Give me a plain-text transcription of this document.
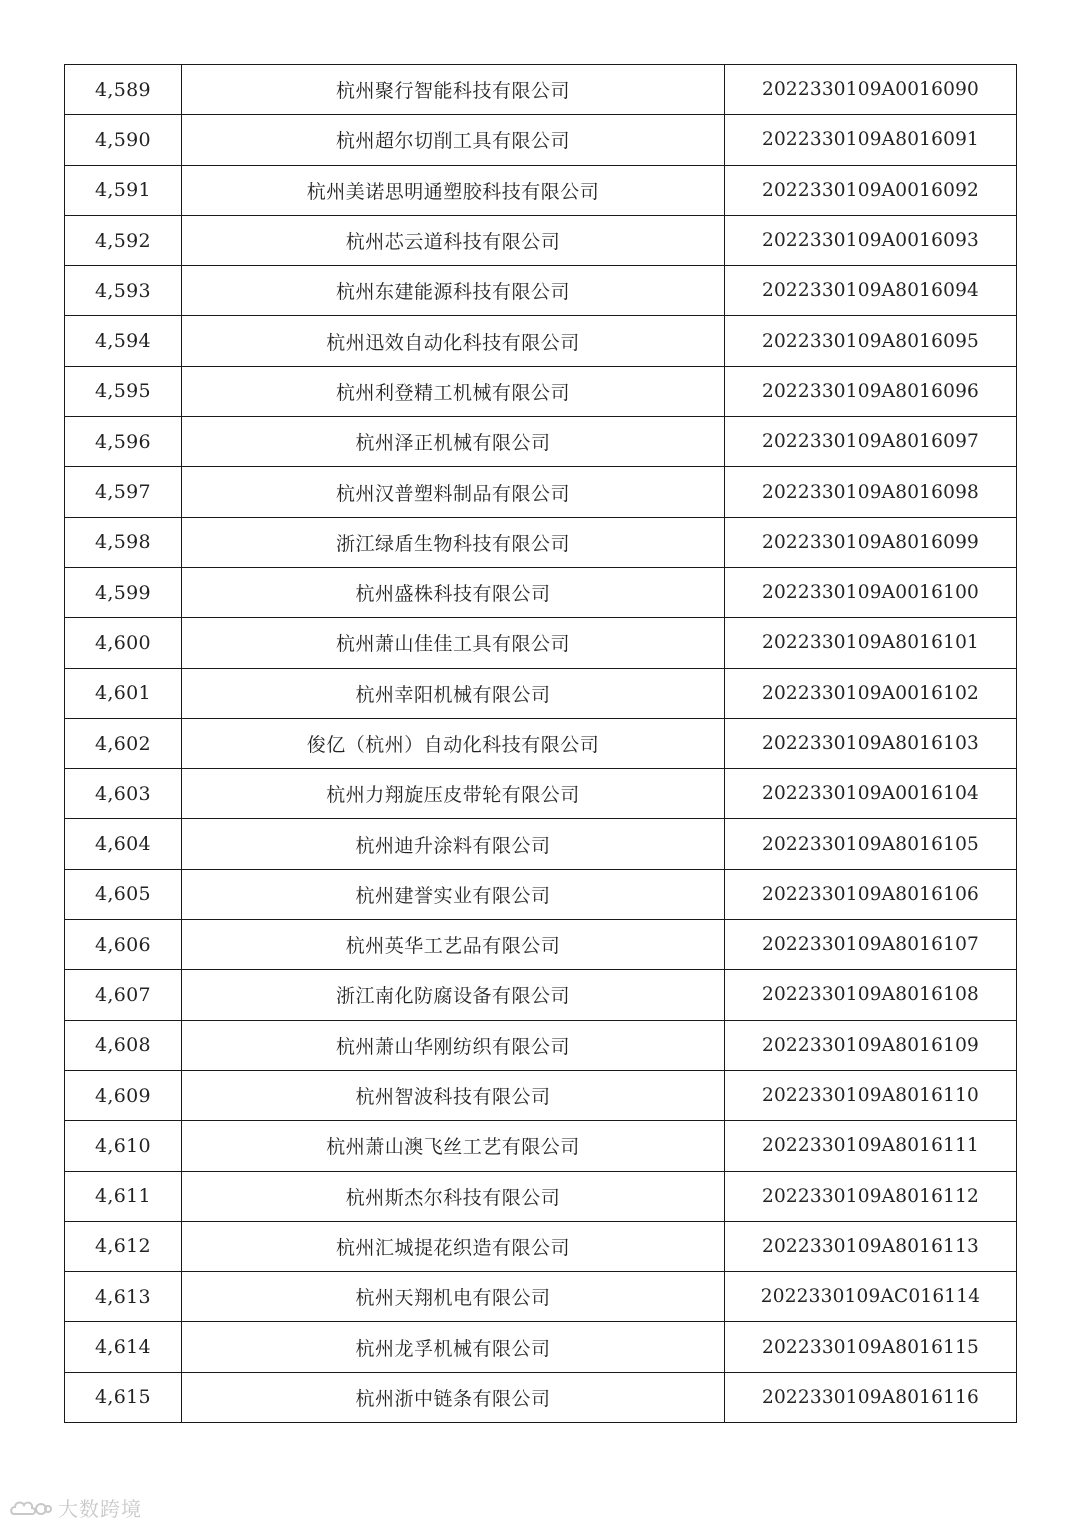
4,589	杭州聚行智能科技有限公司	2022330109A0016090
4,590	杭州超尔切削工具有限公司	2022330109A8016091
4,591	杭州美诺思明通塑胶科技有限公司	2022330109A0016092
4,592	杭州芯云道科技有限公司	2022330109A0016093
4,593	杭州东建能源科技有限公司	2022330109A8016094
4,594	杭州迅效自动化科技有限公司	2022330109A8016095
4,595	杭州利登精工机械有限公司	2022330109A8016096
4,596	杭州泽正机械有限公司	2022330109A8016097
4,597	杭州汉普塑料制品有限公司	2022330109A8016098
4,598	浙江绿盾生物科技有限公司	2022330109A8016099
4,599	杭州盛株科技有限公司	2022330109A0016100
4,600	杭州萧山佳佳工具有限公司	2022330109A8016101
4,601	杭州幸阳机械有限公司	2022330109A0016102
4,602	俊亿（杭州）自动化科技有限公司	2022330109A8016103
4,603	杭州力翔旋压皮带轮有限公司	2022330109A0016104
4,604	杭州迪升涂料有限公司	2022330109A8016105
4,605	杭州建誉实业有限公司	2022330109A8016106
4,606	杭州英华工艺品有限公司	2022330109A8016107
4,607	浙江南化防腐设备有限公司	2022330109A8016108
4,608	杭州萧山华刚纺织有限公司	2022330109A8016109
4,609	杭州智波科技有限公司	2022330109A8016110
4,610	杭州萧山澳飞丝工艺有限公司	2022330109A8016111
4,611	杭州斯杰尔科技有限公司	2022330109A8016112
4,612	杭州汇城提花织造有限公司	2022330109A8016113
4,613	杭州天翔机电有限公司	2022330109AC016114
4,614	杭州龙孚机械有限公司	2022330109A8016115
4,615	杭州浙中链条有限公司	2022330109A8016116
大数跨境
